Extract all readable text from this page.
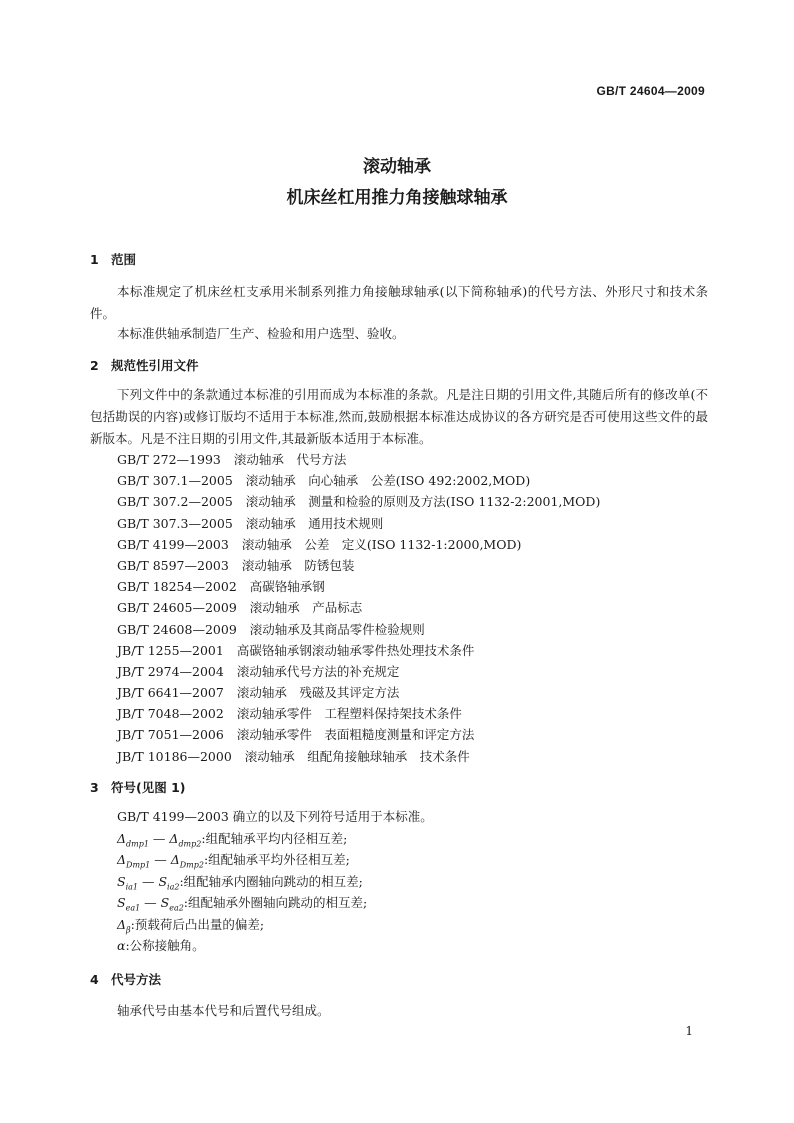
GB/T 24604—2009
滚动轴承
机床丝杠用推力角接触球轴承
1 范围
本标准规定了机床丝杠支承用米制系列推力角接触球轴承(以下简称轴承)的代号方法、外形尺寸和技术条件。
本标准供轴承制造厂生产、检验和用户选型、验收。
2 规范性引用文件
下列文件中的条款通过本标准的引用而成为本标准的条款。凡是注日期的引用文件,其随后所有的修改单(不包括勘误的内容)或修订版均不适用于本标准,然而,鼓励根据本标准达成协议的各方研究是否可使用这些文件的最新版本。凡是不注日期的引用文件,其最新版本适用于本标准。
GB/T 272—1993 滚动轴承　代号方法
GB/T 307.1—2005 滚动轴承　向心轴承　公差(ISO 492:2002,MOD)
GB/T 307.2—2005 滚动轴承　测量和检验的原则及方法(ISO 1132-2:2001,MOD)
GB/T 307.3—2005 滚动轴承　通用技术规则
GB/T 4199—2003 滚动轴承　公差　定义(ISO 1132-1:2000,MOD)
GB/T 8597—2003 滚动轴承　防锈包装
GB/T 18254—2002 高碳铬轴承钢
GB/T 24605—2009 滚动轴承　产品标志
GB/T 24608—2009 滚动轴承及其商品零件检验规则
JB/T 1255—2001 高碳铬轴承钢滚动轴承零件热处理技术条件
JB/T 2974—2004 滚动轴承代号方法的补充规定
JB/T 6641—2007 滚动轴承　残磁及其评定方法
JB/T 7048—2002 滚动轴承零件　工程塑料保持架技术条件
JB/T 7051—2006 滚动轴承零件　表面粗糙度测量和评定方法
JB/T 10186—2000 滚动轴承　组配角接触球轴承　技术条件
3 符号(见图 1)
GB/T 4199—2003 确立的以及下列符号适用于本标准。
$\Delta_{dmp1}$ — $\Delta_{dmp2}$:组配轴承平均内径相互差;
$\Delta_{Dmp1}$ — $\Delta_{Dmp2}$:组配轴承平均外径相互差;
$S_{ia1}$ — $S_{ia2}$:组配轴承内圈轴向跳动的相互差;
$S_{ea1}$ — $S_{ea2}$:组配轴承外圈轴向跳动的相互差;
$\Delta_\beta$:预载荷后凸出量的偏差;
α:公称接触角。
4 代号方法
轴承代号由基本代号和后置代号组成。
1
